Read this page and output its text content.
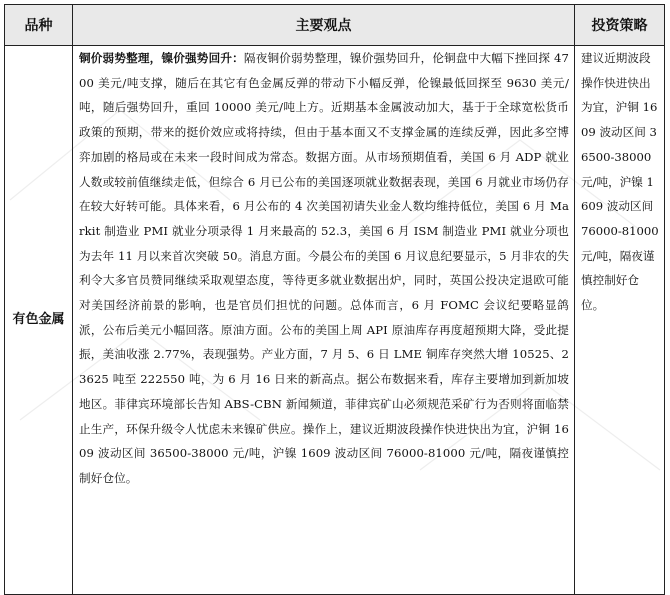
品种	主要观点	投资策略
有色金属	铜价弱势整理，镍价强势回升：隔夜铜价弱势整理，镍价强势回升，伦铜盘中大幅下挫回探 4700 美元/吨支撑，随后在其它有色金属反弹的带动下小幅反弹，伦镍最低回探至 9630 美元/吨，随后强势回升，重回 10000 美元/吨上方。近期基本金属波动加大，基于于全球宽松货币政策的预期，带来的挺价效应或将持续，但由于基本面又不支撑金属的连续反弹，因此多空博弈加剧的格局或在未来一段时间成为常态。数据方面。从市场预期值看，美国 6 月 ADP 就业人数或较前值继续走低，但综合 6 月已公布的美国逐项就业数据表现，美国 6 月就业市场仍存在较大好转可能。具体来看，6 月公布的 4 次美国初请失业金人数均维持低位，美国 6 月 Markit 制造业 PMI 就业分项录得 1 月来最高的 52.3，美国 6 月 ISM 制造业 PMI 就业分项也为去年 11 月以来首次突破 50。消息方面。今晨公布的美国 6 月议息纪要显示，5 月非农的失利令大多官员赞同继续采取观望态度，等待更多就业数据出炉，同时，英国公投决定退欧可能对美国经济前景的影响，也是官员们担忧的问题。总体而言，6 月 FOMC 会议纪要略显鸽派，公布后美元小幅回落。原油方面。公布的美国上周 API 原油库存再度超预期大降，受此提振，美油收涨 2.77%，表现强势。产业方面，7 月 5、6 日 LME 铜库存突然大增 10525、23625 吨至 222550 吨，为 6 月 16 日来的新高点。据公布数据来看，库存主要增加到新加坡地区。菲律宾环境部长告知 ABS-CBN 新闻频道，菲律宾矿山必须规范采矿行为否则将面临禁止生产，环保升级令人忧虑未来镍矿供应。操作上，建议近期波段操作快进快出为宜，沪铜 1609 波动区间 36500-38000 元/吨，沪镍 1609 波动区间 76000-81000 元/吨，隔夜谨慎控制好仓位。	建议近期波段操作快进快出为宜，沪铜 1609 波动区间 36500-38000 元/吨，沪镍 1609 波动区间 76000-81000 元/吨，隔夜谨慎控制好仓位。
